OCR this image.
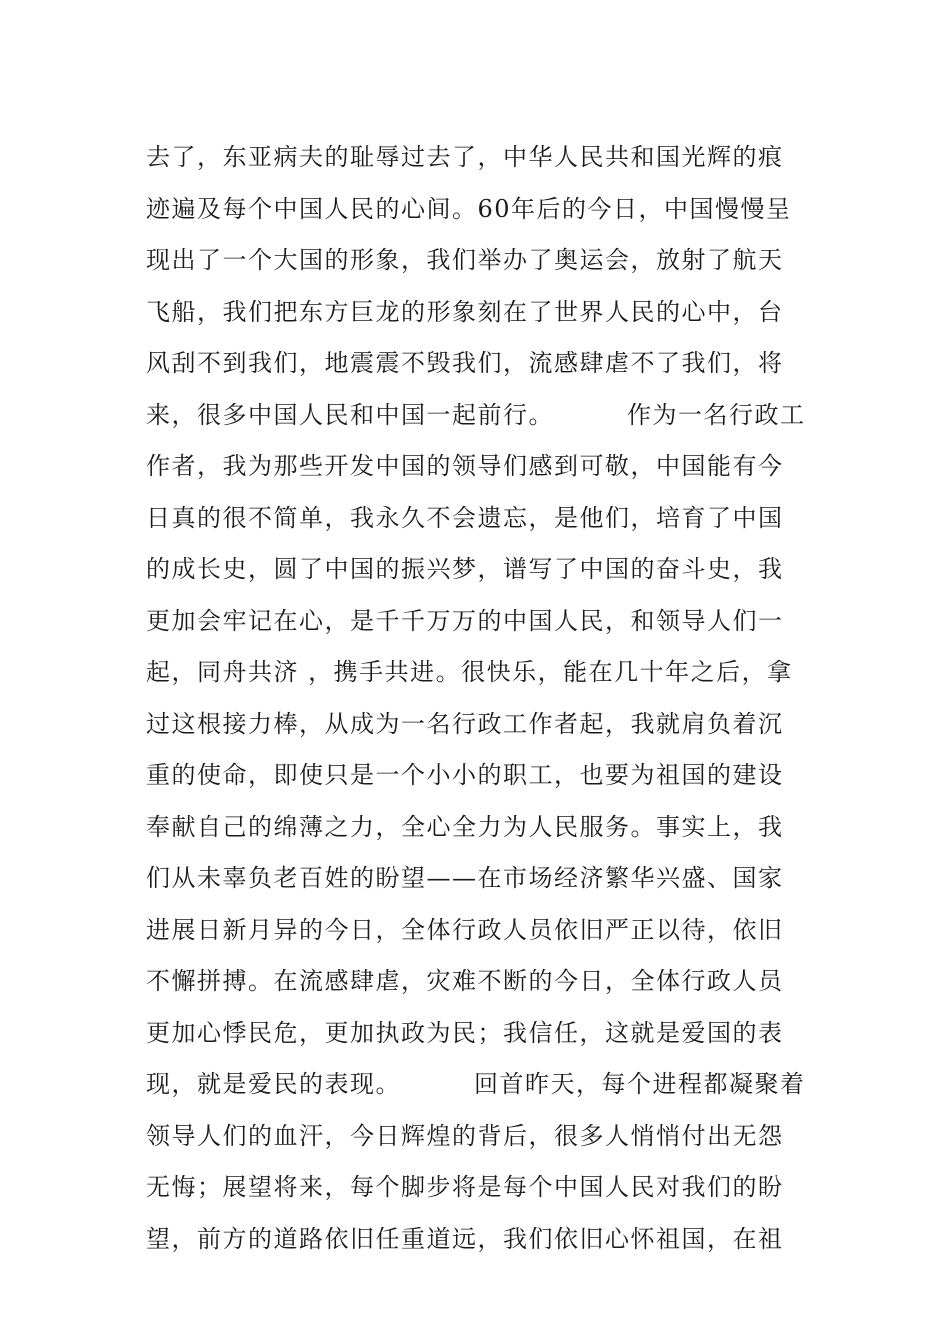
去了，东亚病夫的耻辱过去了，中华人民共和国光辉的痕
迹遍及每个中国人民的心间。60年后的今日，中国慢慢呈
现出了一个大国的形象，我们举办了奥运会，放射了航天
飞船，我们把东方巨龙的形象刻在了世界人民的心中，台
风刮不到我们，地震震不毁我们，流感肆虐不了我们，将
来，很多中国人民和中国一起前行。        作为一名行政工
作者，我为那些开发中国的领导们感到可敬，中国能有今
日真的很不简单，我永久不会遗忘，是他们，培育了中国
的成长史，圆了中国的振兴梦，谱写了中国的奋斗史，我
更加会牢记在心，是千千万万的中国人民，和领导人们一
起，同舟共济 ，携手共进。很快乐，能在几十年之后，拿
过这根接力棒，从成为一名行政工作者起，我就肩负着沉
重的使命，即使只是一个小小的职工，也要为祖国的建设
奉献自己的绵薄之力，全心全力为人民服务。事实上，我
们从未辜负老百姓的盼望——在市场经济繁华兴盛、国家
进展日新月异的今日，全体行政人员依旧严正以待，依旧
不懈拼搏。在流感肆虐，灾难不断的今日，全体行政人员
更加心悸民危，更加执政为民；我信任，这就是爱国的表
现，就是爱民的表现。        回首昨天，每个进程都凝聚着
领导人们的血汗，今日辉煌的背后，很多人悄悄付出无怨
无悔；展望将来，每个脚步将是每个中国人民对我们的盼
望，前方的道路依旧任重道远，我们依旧心怀祖国，在祖
